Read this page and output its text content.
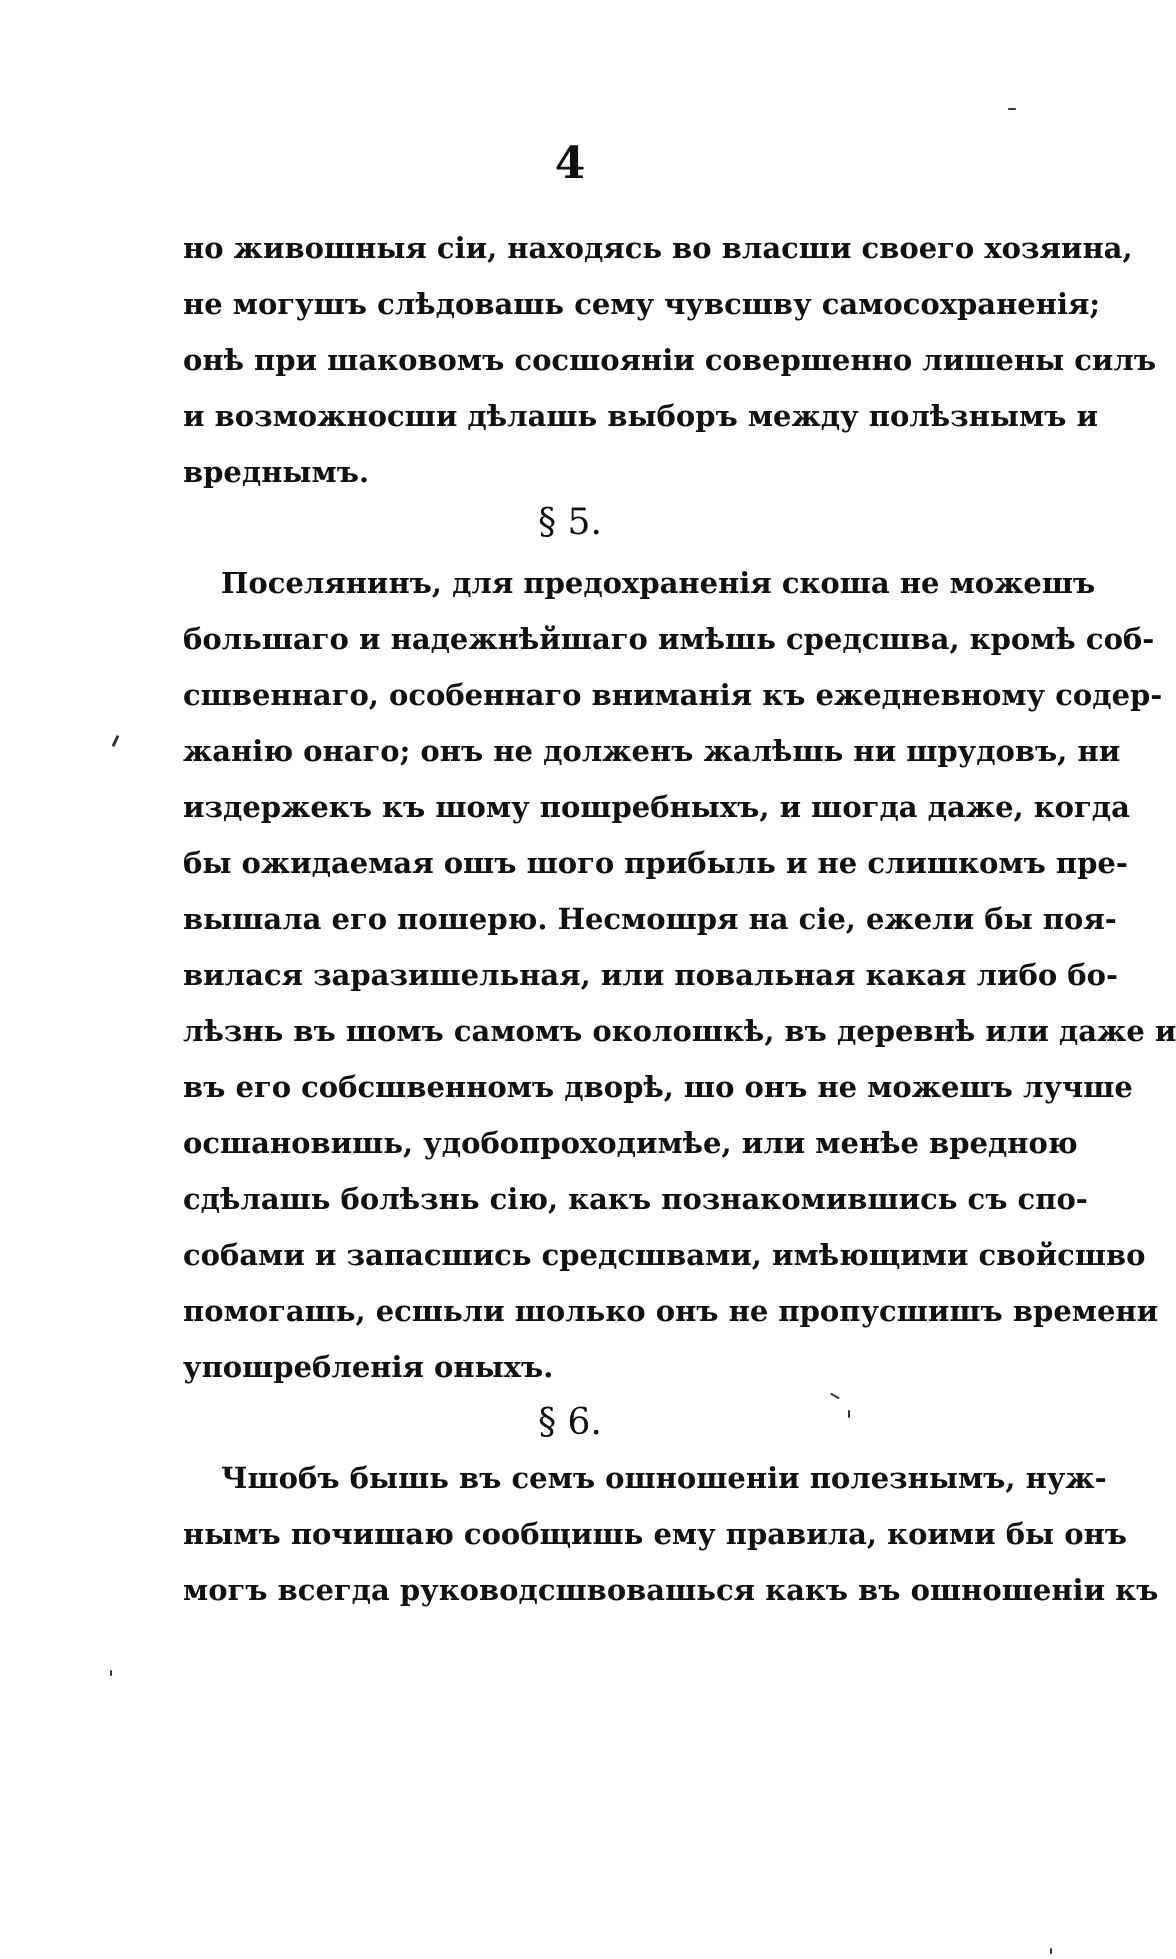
4
но живошныя сіи, находясь во власши своего хозяина,
не могушъ слѣдовашь сему чувсшву самосохраненія;
онѣ при шаковомъ сосшояніи совершенно лишены силъ
и возможносши дѣлашь выборъ между полѣзнымъ и
вреднымъ.
§ 5.
Поселянинъ, для предохраненія скоша не можешъ
большаго и надежнѣйшаго имѣшь средсшва, кромѣ соб-
сшвеннаго, особеннаго вниманія къ ежедневному содер-
жанію онаго; онъ не долженъ жалѣшь ни шрудовъ, ни
издержекъ къ шому пошребныхъ, и шогда даже, когда
бы ожидаемая ошъ шого прибыль и не слишкомъ пре-
вышала его пошерю. Несмошря на сіе, ежели бы поя-
вилася заразишельная, или повальная какая либо бо-
лѣзнь въ шомъ самомъ околошкѣ, въ деревнѣ или даже и
въ его собсшвенномъ дворѣ, шо онъ не можешъ лучше
осшановишь, удобопроходимѣе, или менѣе вредною
сдѣлашь болѣзнь сію, какъ познакомившись съ спо-
собами и запасшись средсшвами, имѣющими свойсшво
помогашь, есшьли шолько онъ не пропусшишъ времени
упошребленія оныхъ.
§ 6.
Чшобъ бышь въ семъ ошношеніи полезнымъ, нуж-
нымъ почишаю сообщишь ему правила, коими бы онъ
могъ всегда руководсшвовашься какъ въ ошношеніи къ
